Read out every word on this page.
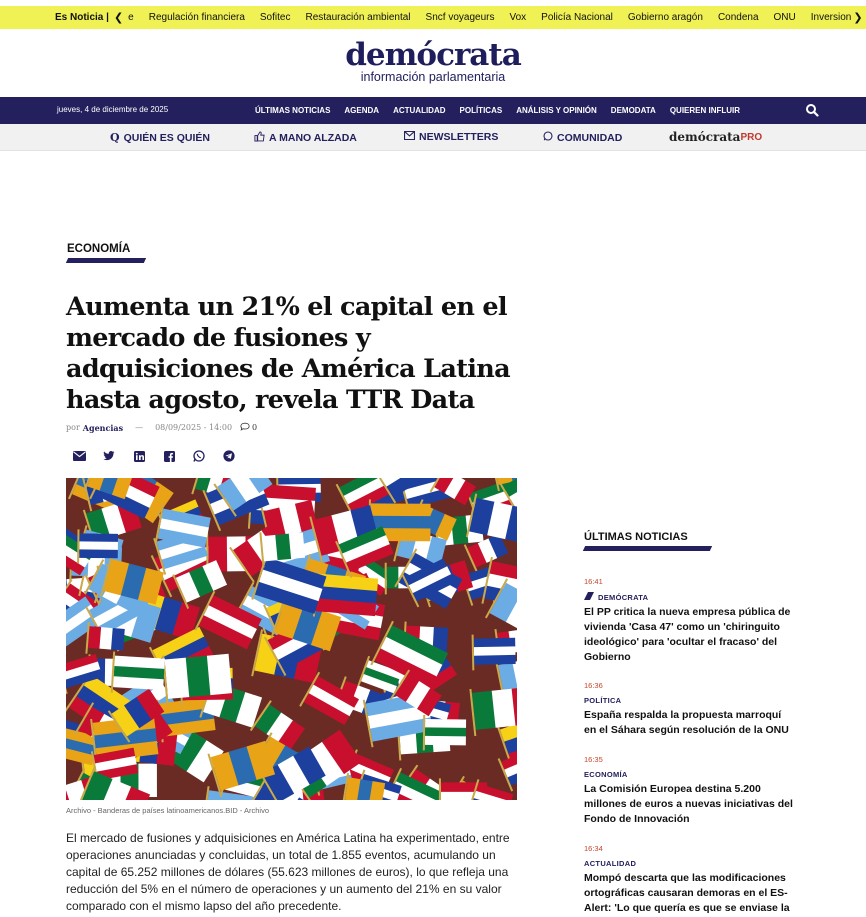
Es Noticia | ❮ e Regulación financiera Sofitec Restauración ambiental Sncf voyageurs Vox Policía Nacional Gobierno aragón Condena ONU Inversion ❯
demócrata
información parlamentaria
jueves, 4 de diciembre de 2025	ÚLTIMAS NOTICIAS AGENDA ACTUALIDAD POLÍTICAS ANÁLISIS Y OPINIÓN DEMODATA QUIEREN INFLUIR
Q QUIÉN ES QUIÉN	A MANO ALZADA	NEWSLETTERS	COMUNIDAD	demócrata PRO
ECONOMÍA
Aumenta un 21% el capital en el mercado de fusiones y adquisiciones de América Latina hasta agosto, revela TTR Data
por Agencias — 08/09/2025 - 14:00	0
Archivo - Banderas de países latinoamericanos.BID - Archivo

El mercado de fusiones y adquisiciones en América Latina ha experimentado, entre operaciones anunciadas y concluidas, un total de 1.855 eventos, acumulando un capital de 65.252 millones de dólares (55.623 millones de euros), lo que refleja una reducción del 5% en el número de operaciones y un aumento del 21% en su valor comparado con el mismo lapso del año precedente.

ÚLTIMAS NOTICIAS
16:41
DEMÓCRATA
El PP critica la nueva empresa pública de vivienda 'Casa 47' como un 'chiringuito ideológico' para 'ocultar el fracaso' del Gobierno
16:36
POLÍTICA
España respalda la propuesta marroquí en el Sáhara según resolución de la ONU
16:35
ECONOMÍA
La Comisión Europea destina 5.200 millones de euros a nuevas iniciativas del Fondo de Innovación
16:34
ACTUALIDAD
Mompó descarta que las modificaciones ortográficas causaran demoras en el ES-Alert: 'Lo que quería es que se enviase la
